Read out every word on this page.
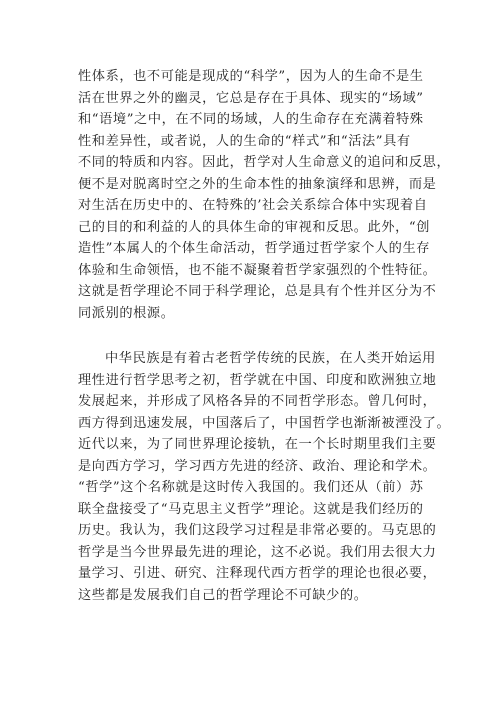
性体系，也不可能是现成的“科学”，因为人的生命不是生
活在世界之外的幽灵，它总是存在于具体、现实的“场域”
和“语境”之中，在不同的场域，人的生命存在充满着特殊
性和差异性，或者说，人的生命的“样式”和“活法”具有
不同的特质和内容。因此，哲学对人生命意义的追问和反思，
便不是对脱离时空之外的生命本性的抽象演绎和思辨，而是
对生活在历史中的、在特殊的’社会关系综合体中实现着自
己的目的和利益的人的具体生命的审视和反思。此外，“创
造性”本属人的个体生命活动，哲学通过哲学家个人的生存
体验和生命领悟，也不能不凝聚着哲学家强烈的个性特征。
这就是哲学理论不同于科学理论，总是具有个性并区分为不
同派别的根源。
中华民族是有着古老哲学传统的民族，在人类开始运用
理性进行哲学思考之初，哲学就在中国、印度和欧洲独立地
发展起来，并形成了风格各异的不同哲学形态。曾几何时，
西方得到迅速发展，中国落后了，中国哲学也渐渐被湮没了。
近代以来，为了同世界理论接轨，在一个长时期里我们主要
是向西方学习，学习西方先进的经济、政治、理论和学术。
“哲学”这个名称就是这时传入我国的。我们还从（前）苏
联全盘接受了“马克思主义哲学”理论。这就是我们经历的
历史。我认为，我们这段学习过程是非常必要的。马克思的
哲学是当今世界最先进的理论，这不必说。我们用去很大力
量学习、引进、研究、注释现代西方哲学的理论也很必要，
这些都是发展我们自己的哲学理论不可缺少的。
